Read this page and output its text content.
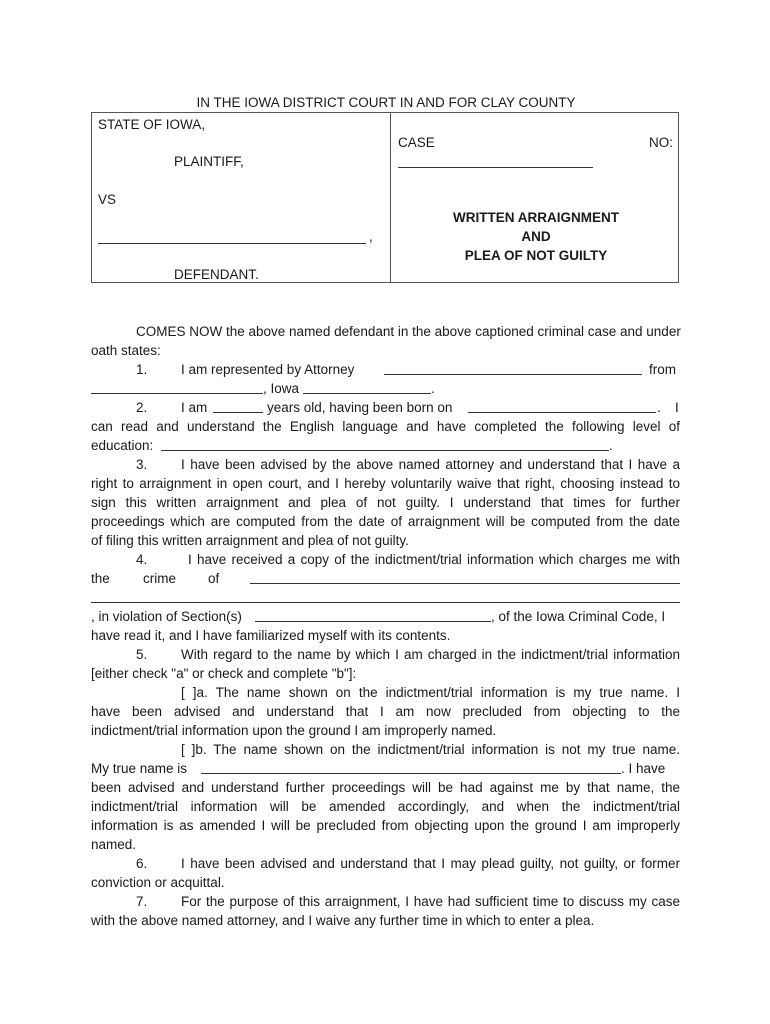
IN THE IOWA DISTRICT COURT IN AND FOR CLAY COUNTY
STATE OF IOWA,
PLAINTIFF,
VS
,
DEFENDANT.
CASE	NO:
WRITTEN ARRAIGNMENT
AND
PLEA OF NOT GUILTY
COMES NOW the above named defendant in the above captioned criminal case and under
oath states:
1. I am represented by Attorney	from
, Iowa	.
2. I am	years old, having been born on	. I
can read and understand the English language and have completed the following level of
education:	.
3. I have been advised by the above named attorney and understand that I have a
right to arraignment in open court, and I hereby voluntarily waive that right, choosing instead to
sign this written arraignment and plea of not guilty. I understand that times for further
proceedings which are computed from the date of arraignment will be computed from the date
of filing this written arraignment and plea of not guilty.
4.	I have received a copy of the indictment/trial information which charges me with
the crime of
, in violation of Section(s)	, of the Iowa Criminal Code, I
have read it, and I have familiarized myself with its contents.
5. With regard to the name by which I am charged in the indictment/trial information
[either check "a" or check and complete "b"]:
[ ]a. The name shown on the indictment/trial information is my true name. I
have been advised and understand that I am now precluded from objecting to the
indictment/trial information upon the ground I am improperly named.
[ ]b. The name shown on the indictment/trial information is not my true name.
My true name is	. I have
been advised and understand further proceedings will be had against me by that name, the
indictment/trial information will be amended accordingly, and when the indictment/trial
information is as amended I will be precluded from objecting upon the ground I am improperly
named.
6. I have been advised and understand that I may plead guilty, not guilty, or former
conviction or acquittal.
7. For the purpose of this arraignment, I have had sufficient time to discuss my case
with the above named attorney, and I waive any further time in which to enter a plea.
